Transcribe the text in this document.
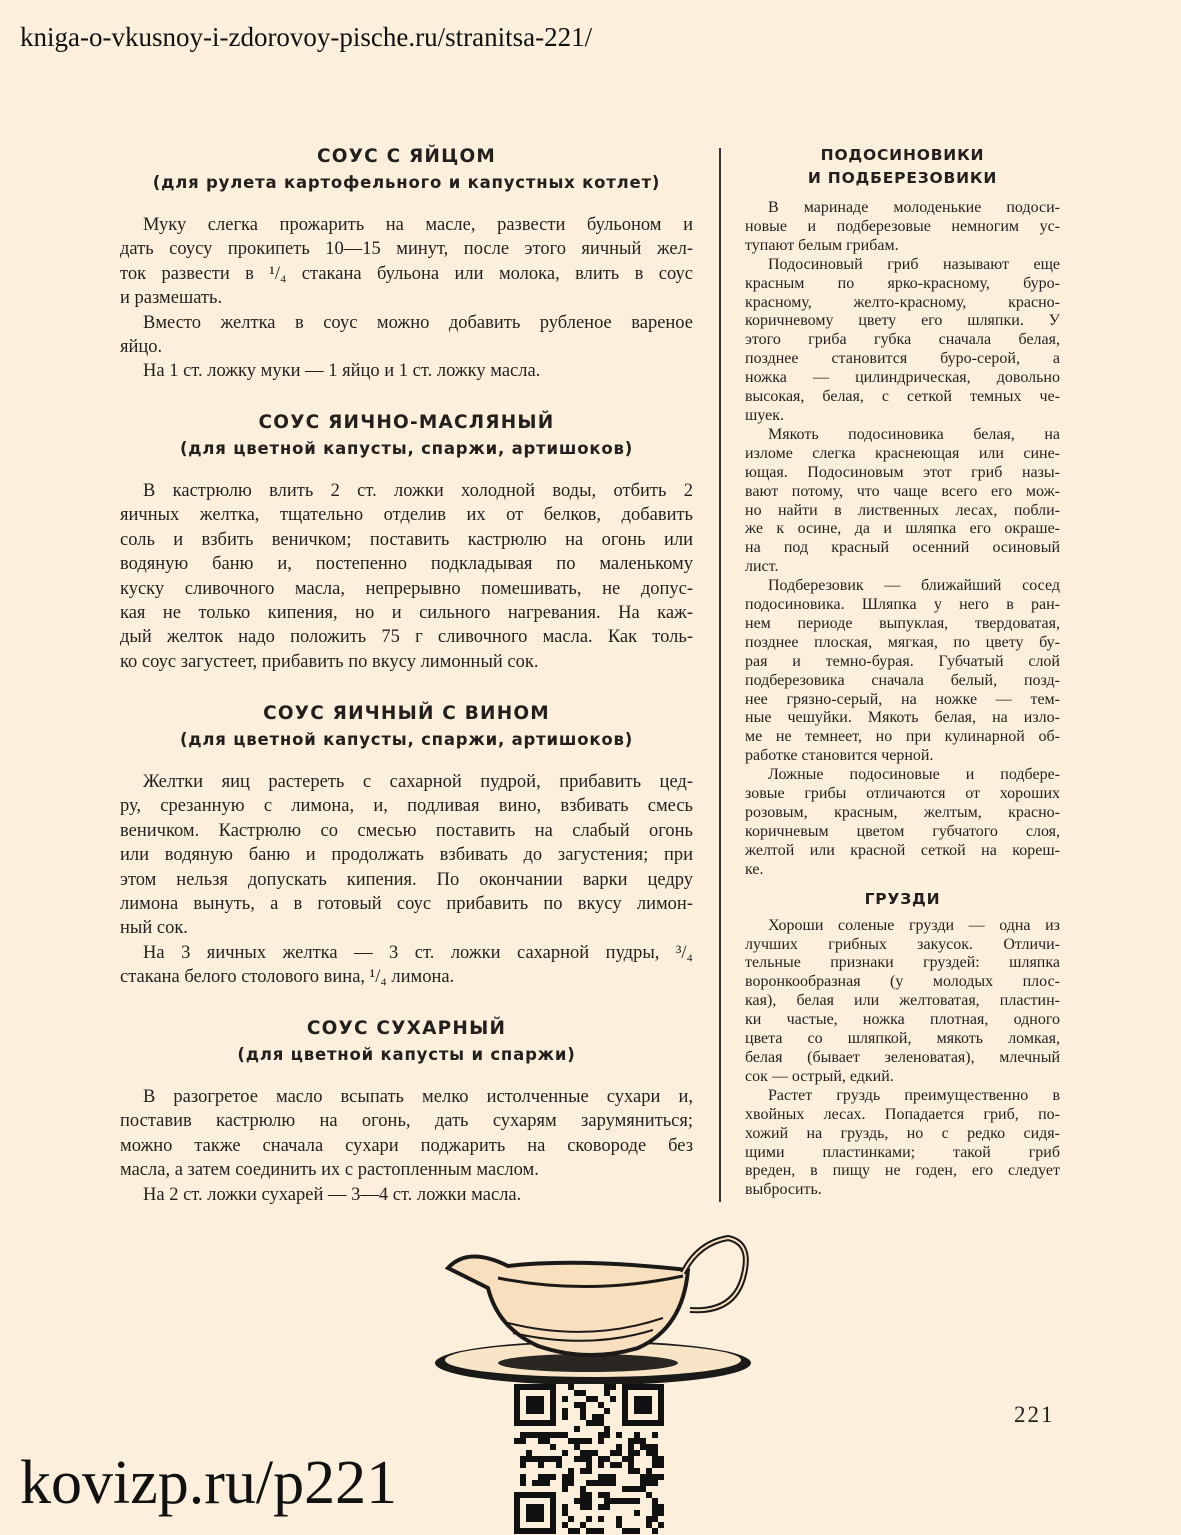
kniga-o-vkusnoy-i-zdorovoy-pische.ru/stranitsa-221/
СОУС С ЯЙЦОМ
(для рулета картофельного и капустных котлет)
Муку слегка прожарить на масле, развести бульоном и
дать соусу прокипеть 10—15 минут, после этого яичный жел-
ток развести в ¹/₄ стакана бульона или молока, влить в соус
и размешать.
Вместо желтка в соус можно добавить рубленое вареное
яйцо.
На 1 ст. ложку муки — 1 яйцо и 1 ст. ложку масла.
СОУС ЯИЧНО-МАСЛЯНЫЙ
(для цветной капусты, спаржи, артишоков)
В кастрюлю влить 2 ст. ложки холодной воды, отбить 2
яичных желтка, тщательно отделив их от белков, добавить
соль и взбить веничком; поставить кастрюлю на огонь или
водяную баню и, постепенно подкладывая по маленькому
куску сливочного масла, непрерывно помешивать, не допус-
кая не только кипения, но и сильного нагревания. На каж-
дый желток надо положить 75 г сливочного масла. Как толь-
ко соус загустеет, прибавить по вкусу лимонный сок.
СОУС ЯИЧНЫЙ С ВИНОМ
(для цветной капусты, спаржи, артишоков)
Желтки яиц растереть с сахарной пудрой, прибавить цед-
ру, срезанную с лимона, и, подливая вино, взбивать смесь
веничком. Кастрюлю со смесью поставить на слабый огонь
или водяную баню и продолжать взбивать до загустения; при
этом нельзя допускать кипения. По окончании варки цедру
лимона вынуть, а в готовый соус прибавить по вкусу лимон-
ный сок.
На 3 яичных желтка — 3 ст. ложки сахарной пудры, ³/₄
стакана белого столового вина, ¹/₄ лимона.
СОУС СУХАРНЫЙ
(для цветной капусты и спаржи)
В разогретое масло всыпать мелко истолченные сухари и,
поставив кастрюлю на огонь, дать сухарям зарумяниться;
можно также сначала сухари поджарить на сковороде без
масла, а затем соединить их с растопленным маслом.
На 2 ст. ложки сухарей — 3—4 ст. ложки масла.
ПОДОСИНОВИКИ
И ПОДБЕРЕЗОВИКИ
В маринаде молоденькие подоси-
новые и подберезовые немногим ус-
тупают белым грибам.
Подосиновый гриб называют еще
красным по ярко-красному, буро-
красному, желто-красному, красно-
коричневому цвету его шляпки. У
этого гриба губка сначала белая,
позднее становится буро-серой, а
ножка — цилиндрическая, довольно
высокая, белая, с сеткой темных че-
шуек.
Мякоть подосиновика белая, на
изломе слегка краснеющая или сине-
ющая. Подосиновым этот гриб назы-
вают потому, что чаще всего его мож-
но найти в лиственных лесах, побли-
же к осине, да и шляпка его окраше-
на под красный осенний осиновый
лист.
Подберезовик — ближайший сосед
подосиновика. Шляпка у него в ран-
нем периоде выпуклая, твердоватая,
позднее плоская, мягкая, по цвету бу-
рая и темно-бурая. Губчатый слой
подберезовика сначала белый, позд-
нее грязно-серый, на ножке — тем-
ные чешуйки. Мякоть белая, на изло-
ме не темнеет, но при кулинарной об-
работке становится черной.
Ложные подосиновые и подбере-
зовые грибы отличаются от хороших
розовым, красным, желтым, красно-
коричневым цветом губчатого слоя,
желтой или красной сеткой на кореш-
ке.
ГРУЗДИ
Хороши соленые грузди — одна из
лучших грибных закусок. Отличи-
тельные признаки груздей: шляпка
воронкообразная (у молодых плос-
кая), белая или желтоватая, пластин-
ки частые, ножка плотная, одного
цвета со шляпкой, мякоть ломкая,
белая (бывает зеленоватая), млечный
сок — острый, едкий.
Растет груздь преимущественно в
хвойных лесах. Попадается гриб, по-
хожий на груздь, но с редко сидя-
щими пластинками; такой гриб
вреден, в пищу не годен, его следует
выбросить.
221
kovizp.ru/p221
